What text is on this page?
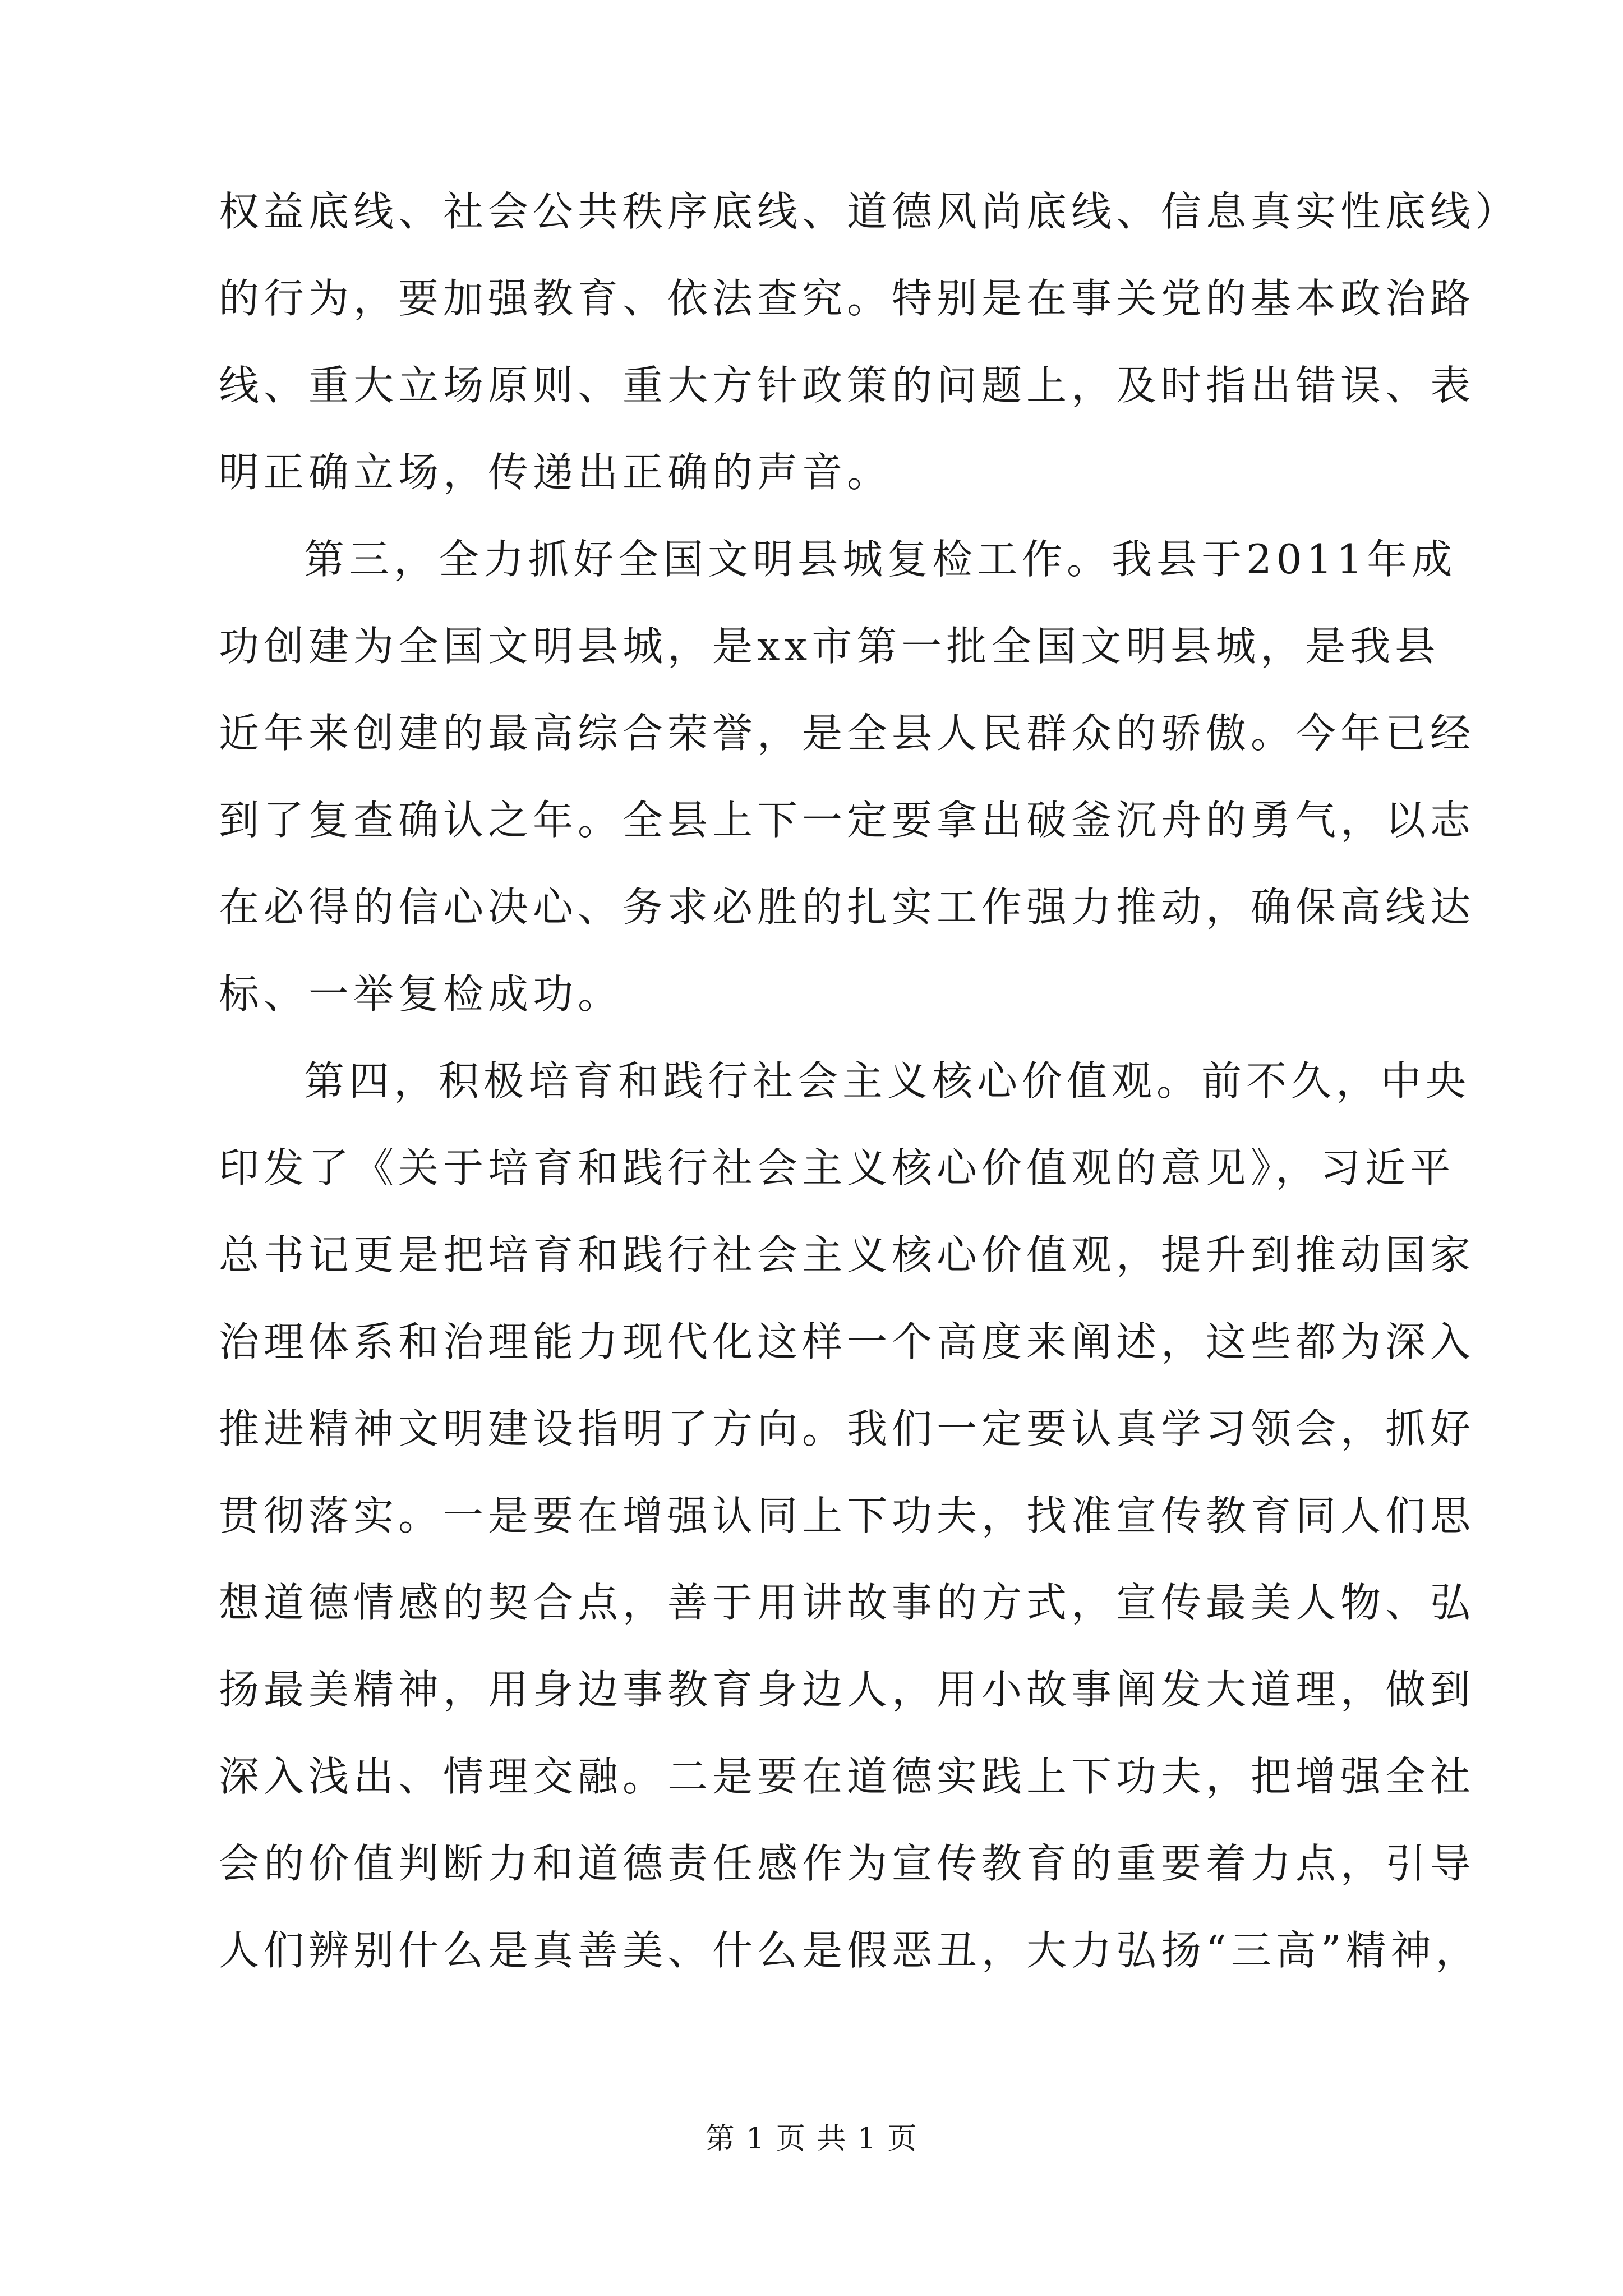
权益底线、社会公共秩序底线、道德风尚底线、信息真实性底线）
的行为，要加强教育、依法查究。特别是在事关党的基本政治路
线、重大立场原则、重大方针政策的问题上，及时指出错误、表
明正确立场，传递出正确的声音。
第三，全力抓好全国文明县城复检工作。我县于2011年成
功创建为全国文明县城，是xx市第一批全国文明县城，是我县
近年来创建的最高综合荣誉，是全县人民群众的骄傲。今年已经
到了复查确认之年。全县上下一定要拿出破釜沉舟的勇气，以志
在必得的信心决心、务求必胜的扎实工作强力推动，确保高线达
标、一举复检成功。
第四，积极培育和践行社会主义核心价值观。前不久，中央
印发了《关于培育和践行社会主义核心价值观的意见》，习近平
总书记更是把培育和践行社会主义核心价值观，提升到推动国家
治理体系和治理能力现代化这样一个高度来阐述，这些都为深入
推进精神文明建设指明了方向。我们一定要认真学习领会，抓好
贯彻落实。一是要在增强认同上下功夫，找准宣传教育同人们思
想道德情感的契合点，善于用讲故事的方式，宣传最美人物、弘
扬最美精神，用身边事教育身边人，用小故事阐发大道理，做到
深入浅出、情理交融。二是要在道德实践上下功夫，把增强全社
会的价值判断力和道德责任感作为宣传教育的重要着力点，引导
人们辨别什么是真善美、什么是假恶丑，大力弘扬“三高”精神，
第 1 页 共 1 页
